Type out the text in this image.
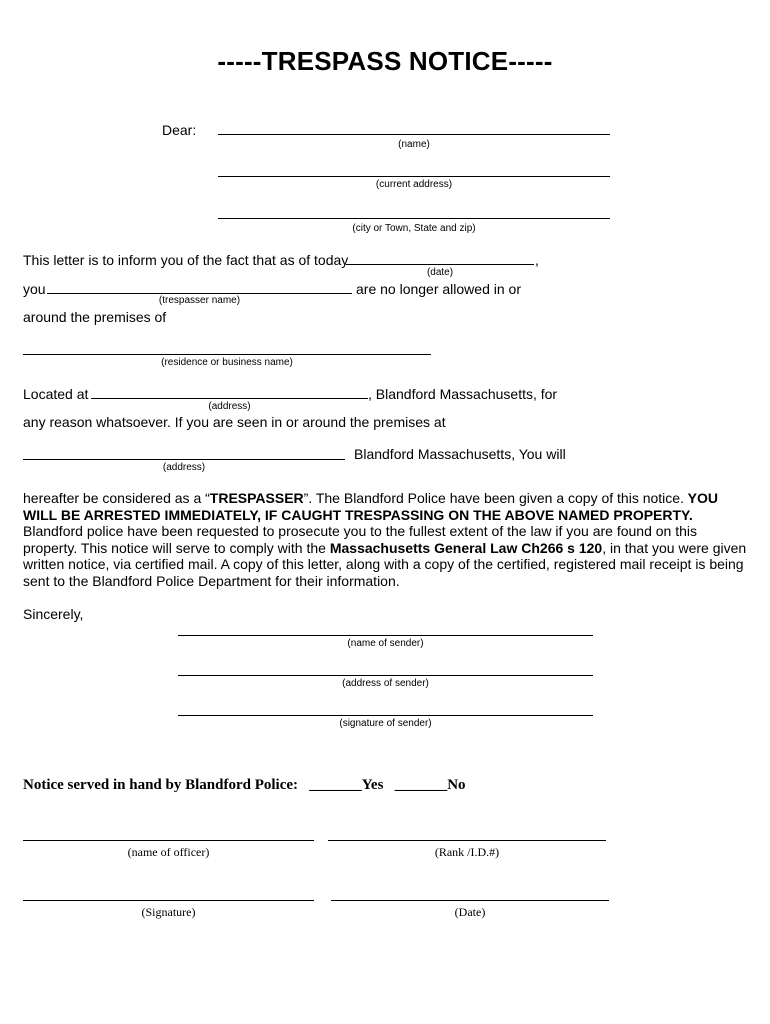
-----TRESPASS NOTICE-----
Dear:
(name)
(current address)
(city or Town, State and zip)
This letter is to inform you of the fact that as of today	,
(date)
you	are no longer allowed in or
(trespasser name)
around the premises of
(residence or business name)
Located at	, Blandford Massachusetts, for
(address)
any reason whatsoever. If you are seen in or around the premises at
Blandford Massachusetts, You will
(address)
hereafter be considered as a “TRESPASSER”. The Blandford Police have been given a copy of this notice. YOU WILL BE ARRESTED IMMEDIATELY, IF CAUGHT TRESPASSING ON THE ABOVE NAMED PROPERTY. Blandford police have been requested to prosecute you to the fullest extent of the law if you are found on this property. This notice will serve to comply with the Massachusetts General Law Ch266 s 120, in that you were given written notice, via certified mail. A copy of this letter, along with a copy of the certified, registered mail receipt is being sent to the Blandford Police Department for their information.
Sincerely,
(name of sender)
(address of sender)
(signature of sender)
Notice served in hand by Blandford Police: _______Yes _______No
(name of officer)	(Rank /I.D.#)
(Signature)	(Date)
